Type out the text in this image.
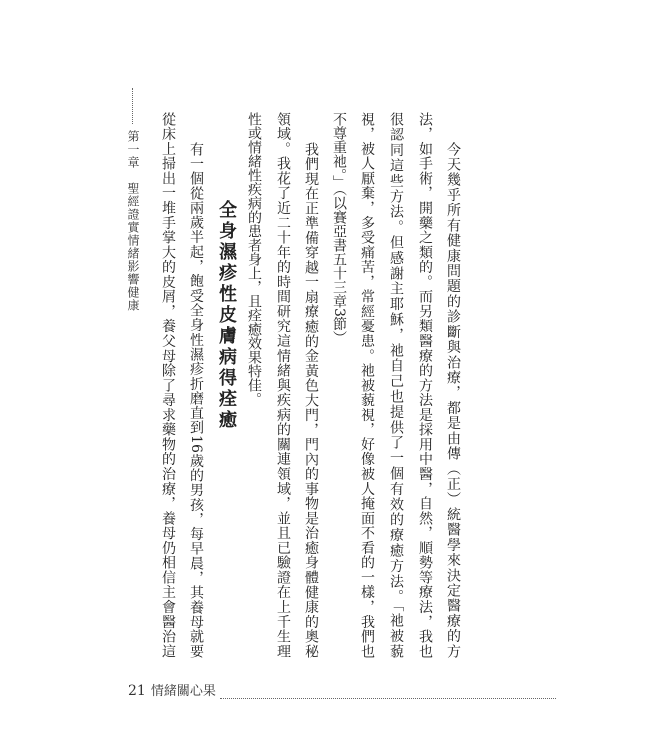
第一章　聖經證實情緒影響健康	今天幾乎所有健康問題的診斷與治療，都是由傳（正）統醫學來決定醫療的方
法，如手術，開藥之類的。而另類醫療的方法是採用中醫，自然，順勢等療法，我也
很認同這些方法。但感謝主耶穌，祂自己也提供了一個有效的療癒方法。「祂被藐
視，被人厭棄，多受痛苦，常經憂患。祂被藐視，好像被人掩面不看的一樣，我們也
不尊重祂。」（以賽亞書五十三章3節）
我們現在正準備穿越一扇療癒的金黃色大門，門內的事物是治癒身體健康的奧秘
領域。我花了近二十年的時間研究這情緒與疾病的關連領域，並且已驗證在上千生理
性或情緒性疾病的患者身上，且痊癒效果特佳。
全身濕疹性皮膚病得痊癒
有一個從兩歲半起，飽受全身性濕疹折磨直到16歲的男孩，每早晨，其養母就要
從床上掃出一堆手掌大的皮屑，養父母除了尋求藥物的治療，養母仍相信主會醫治這
21 情緒關心果
